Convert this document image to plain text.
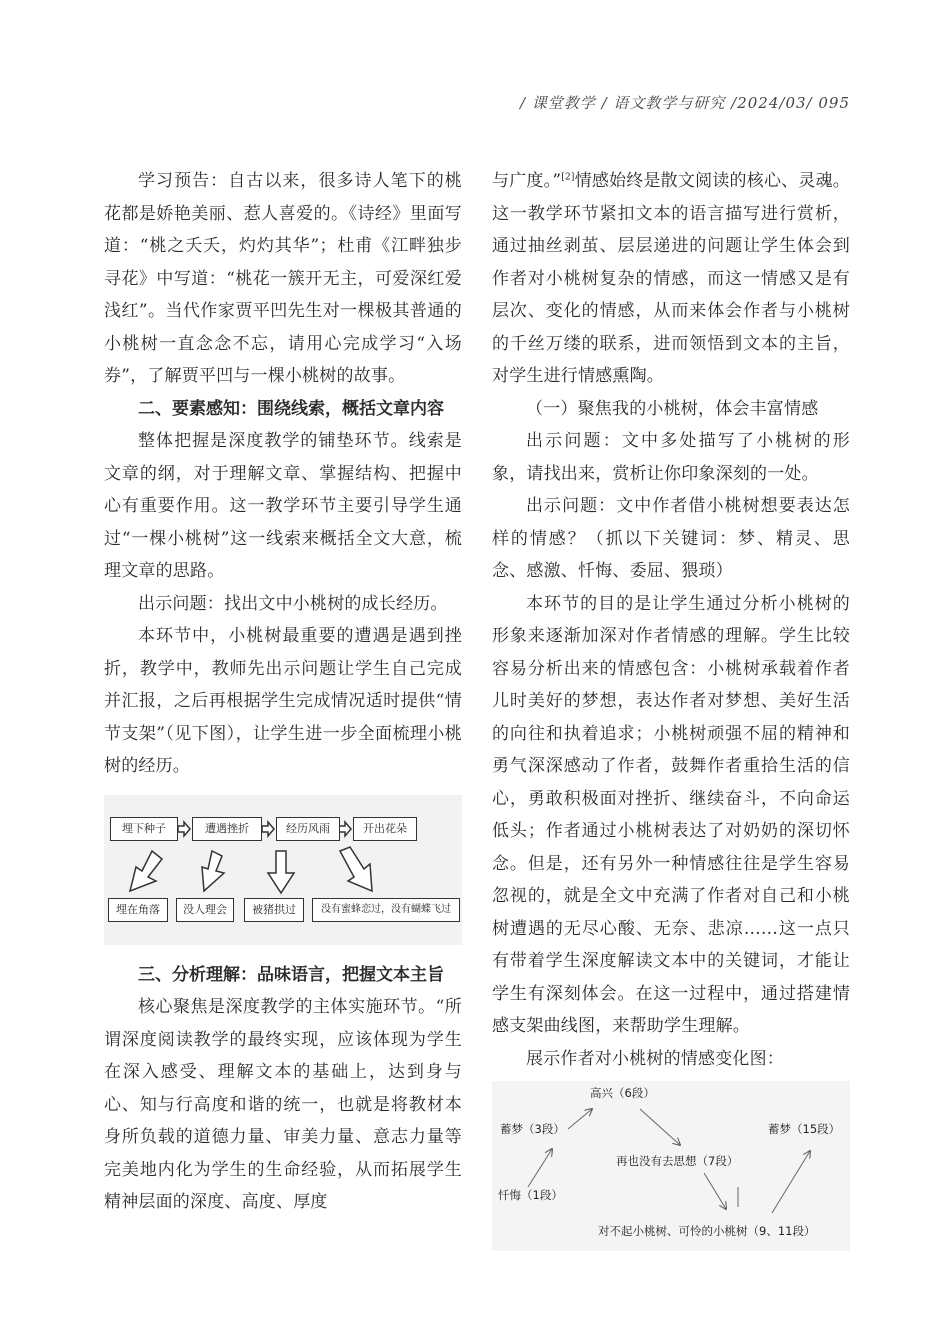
/ 课堂教学 / 语文教学与研究 /2024/03/ 095

学习预告：自古以来，很多诗人笔下的桃花都是娇艳美丽、惹人喜爱的。《诗经》里面写道：“桃之夭夭，灼灼其华”；杜甫《江畔独步寻花》中写道：“桃花一簇开无主，可爱深红爱浅红”。当代作家贾平凹先生对一棵极其普通的小桃树一直念念不忘，请用心完成学习“入场券”，了解贾平凹与一棵小桃树的故事。

二、要素感知：围绕线索，概括文章内容

整体把握是深度教学的铺垫环节。线索是文章的纲，对于理解文章、掌握结构、把握中心有重要作用。这一教学环节主要引导学生通过“一棵小桃树”这一线索来概括全文大意，梳理文章的思路。

出示问题：找出文中小桃树的成长经历。

本环节中，小桃树最重要的遭遇是遇到挫折，教学中，教师先出示问题让学生自己完成并汇报，之后再根据学生完成情况适时提供“情节支架”（见下图），让学生进一步全面梳理小桃树的经历。

埋下种子	遭遇挫折	经历风雨	开出花朵
埋在角落	没人理会	被猪拱过	没有蜜蜂恋过，没有蝴蝶飞过

三、分析理解：品味语言，把握文本主旨

核心聚焦是深度教学的主体实施环节。“所谓深度阅读教学的最终实现，应该体现为学生在深入感受、理解文本的基础上，达到身与心、知与行高度和谐的统一，也就是将教材本身所负载的道德力量、审美力量、意志力量等完美地内化为学生的生命经验，从而拓展学生精神层面的深度、高度、厚度

与广度。”[2]情感始终是散文阅读的核心、灵魂。这一教学环节紧扣文本的语言描写进行赏析，通过抽丝剥茧、层层递进的问题让学生体会到作者对小桃树复杂的情感，而这一情感又是有层次、变化的情感，从而来体会作者与小桃树的千丝万缕的联系，进而领悟到文本的主旨，对学生进行情感熏陶。

（一）聚焦我的小桃树，体会丰富情感

出示问题：文中多处描写了小桃树的形象，请找出来，赏析让你印象深刻的一处。

出示问题：文中作者借小桃树想要表达怎样的情感？（抓以下关键词：梦、精灵、思念、感激、忏悔、委屈、猥琐）

本环节的目的是让学生通过分析小桃树的形象来逐渐加深对作者情感的理解。学生比较容易分析出来的情感包含：小桃树承载着作者儿时美好的梦想，表达作者对梦想、美好生活的向往和执着追求；小桃树顽强不屈的精神和勇气深深感动了作者，鼓舞作者重拾生活的信心，勇敢积极面对挫折、继续奋斗，不向命运低头；作者通过小桃树表达了对奶奶的深切怀念。但是，还有另外一种情感往往是学生容易忽视的，就是全文中充满了作者对自己和小桃树遭遇的无尽心酸、无奈、悲凉……这一点只有带着学生深度解读文本中的关键词，才能让学生有深刻体会。在这一过程中，通过搭建情感支架曲线图，来帮助学生理解。

展示作者对小桃树的情感变化图：

高兴（6段）
蓄梦（3段）	蓄梦（15段）
再也没有去思想（7段）
忏悔（1段）
对不起小桃树、可怜的小桃树（9、11段）
